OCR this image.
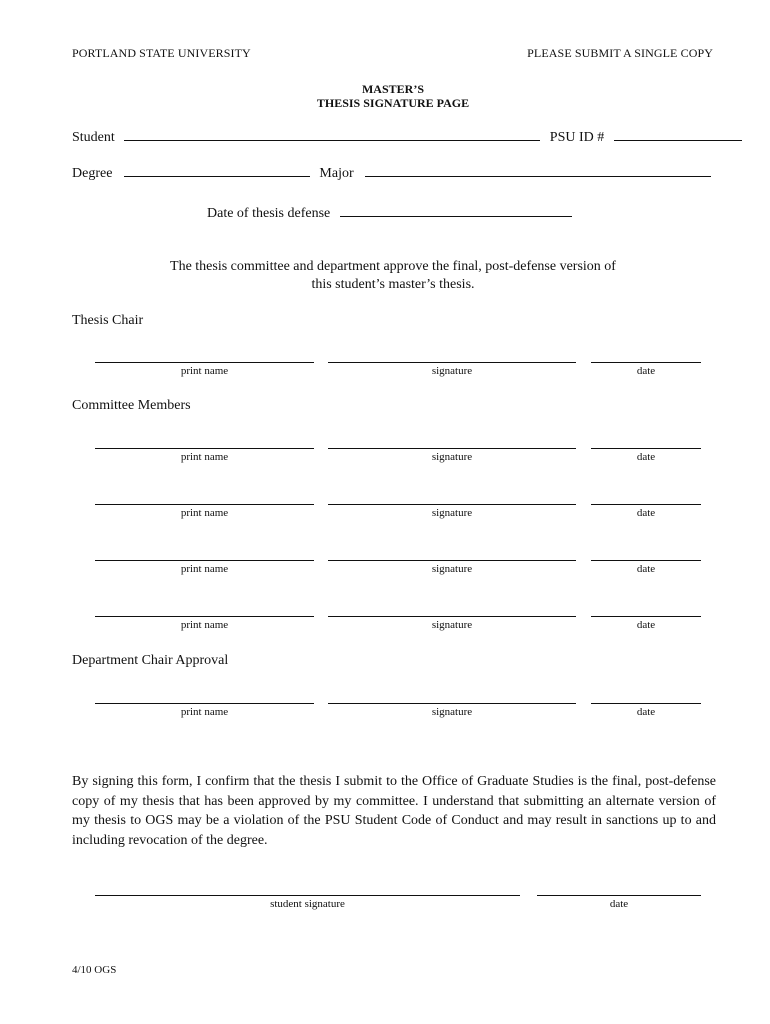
PORTLAND STATE UNIVERSITY	PLEASE SUBMIT A SINGLE COPY
MASTER’S
THESIS SIGNATURE PAGE
Student	PSU ID #
Degree	Major
Date of thesis defense
The thesis committee and department approve the final, post-defense version of
this student’s master’s thesis.
Thesis Chair
print name	signature	date
Committee Members
print name	signature	date
print name	signature	date
print name	signature	date
print name	signature	date
Department Chair Approval
print name	signature	date
By signing this form, I confirm that the thesis I submit to the Office of Graduate Studies is the final, post-defense copy of my thesis that has been approved by my committee. I understand that submitting an alternate version of my thesis to OGS may be a violation of the PSU Student Code of Conduct and may result in sanctions up to and including revocation of the degree.
student signature	date
4/10 OGS
